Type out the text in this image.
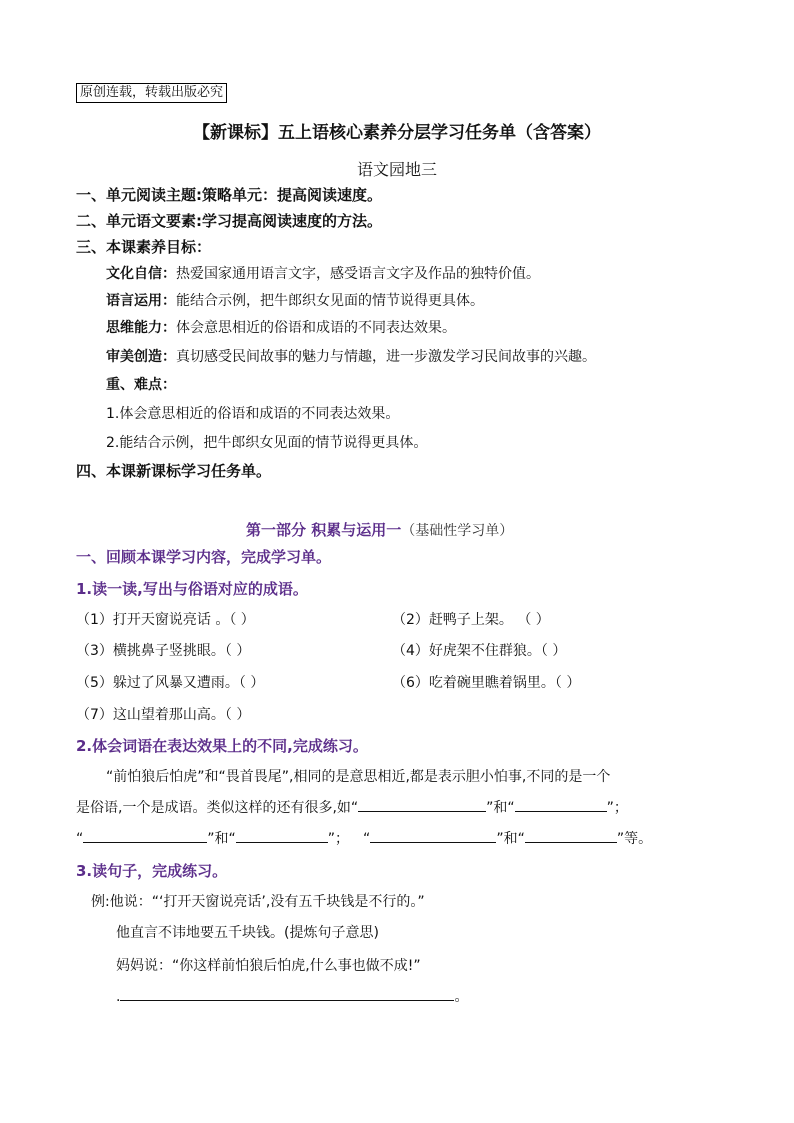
原创连载，转载出版必究
【新课标】五上语核心素养分层学习任务单（含答案）
语文园地三
一、单元阅读主题:策略单元：提高阅读速度。
二、单元语文要素:学习提高阅读速度的方法。
三、本课素养目标：
文化自信：热爱国家通用语言文字，感受语言文字及作品的独特价值。
语言运用：能结合示例，把牛郎织女见面的情节说得更具体。
思维能力：体会意思相近的俗语和成语的不同表达效果。
审美创造：真切感受民间故事的魅力与情趣，进一步激发学习民间故事的兴趣。
重、难点：
1.体会意思相近的俗语和成语的不同表达效果。
2.能结合示例，把牛郎织女见面的情节说得更具体。
四、本课新课标学习任务单。
第一部分 积累与运用一（基础性学习单）
一、回顾本课学习内容，完成学习单。
1.读一读,写出与俗语对应的成语。
（1）打开天窗说亮话 。（ ）	（2）赶鸭子上架。 （ ）
（3）横挑鼻子竖挑眼。（ ）	（4）好虎架不住群狼。（ ）
（5）躲过了风暴又遭雨。（ ）	（6）吃着碗里瞧着锅里。（ ）
（7）这山望着那山高。（ ）
2.体会词语在表达效果上的不同,完成练习。
“前怕狼后怕虎”和“畏首畏尾”,相同的是意思相近,都是表示胆小怕事,不同的是一个
是俗语,一个是成语。类似这样的还有很多,如“	”和“	”；
“	”和“	”； “	”和“	”等。
3.读句子，完成练习。
例:他说：“‘打开天窗说亮话’,没有五千块钱是不行的。”
他直言不讳地要五千块钱。(提炼句子意思)
妈妈说：“你这样前怕狼后怕虎,什么事也做不成!”
.	。
